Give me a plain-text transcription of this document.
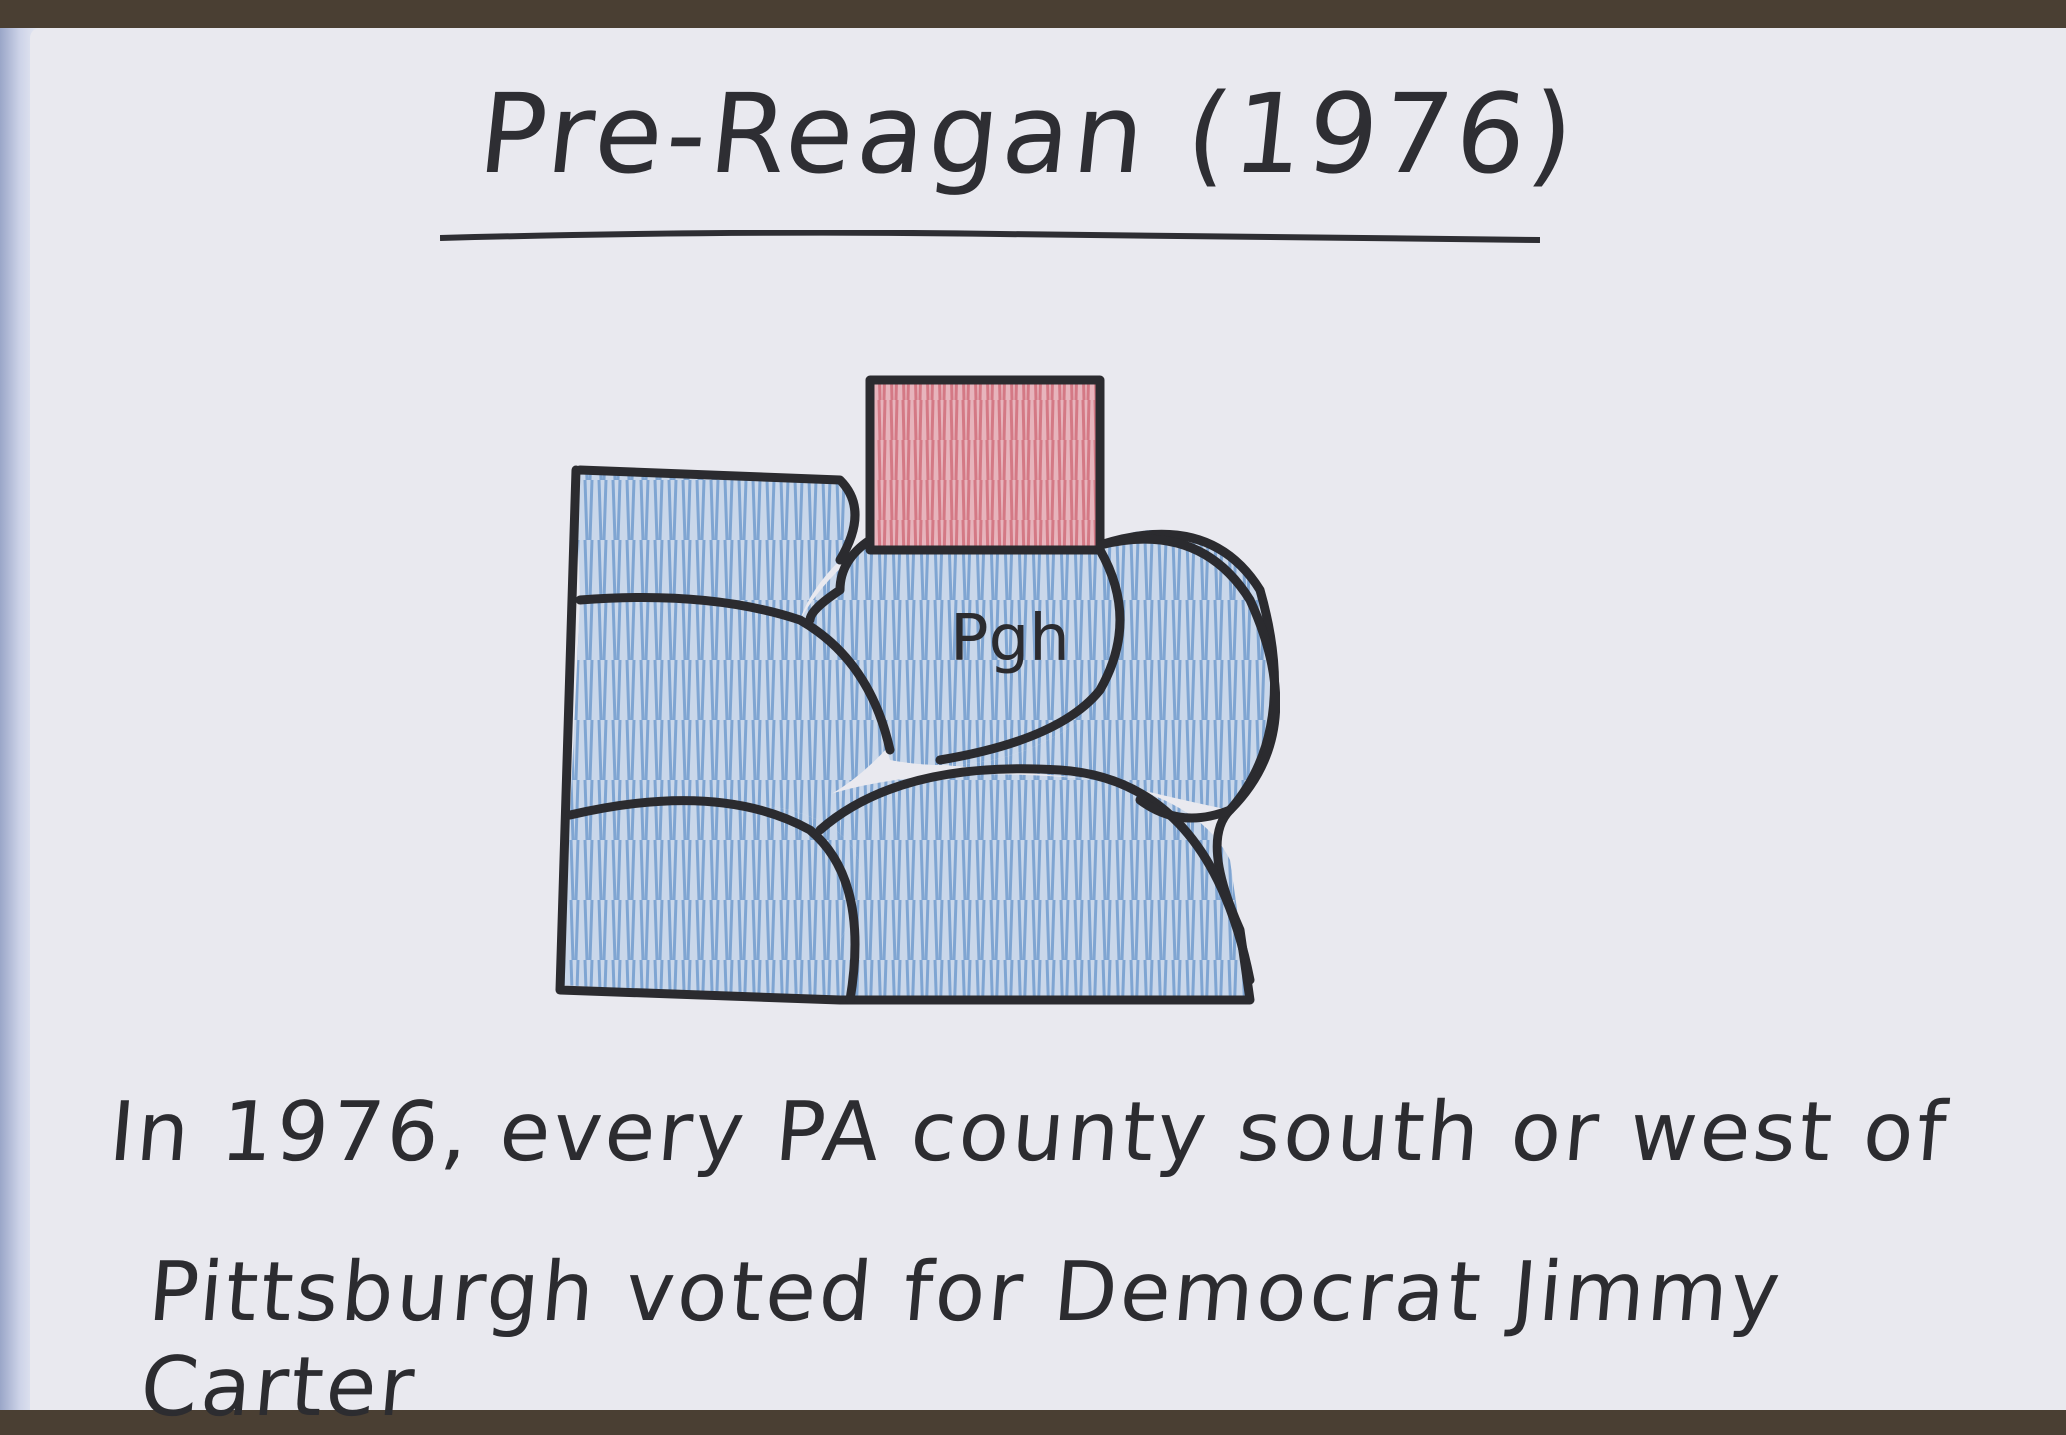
Pre-Reagan (1976)
Pgh
In 1976, every PA county south or west of
Pittsburgh voted for Democrat Jimmy Carter
